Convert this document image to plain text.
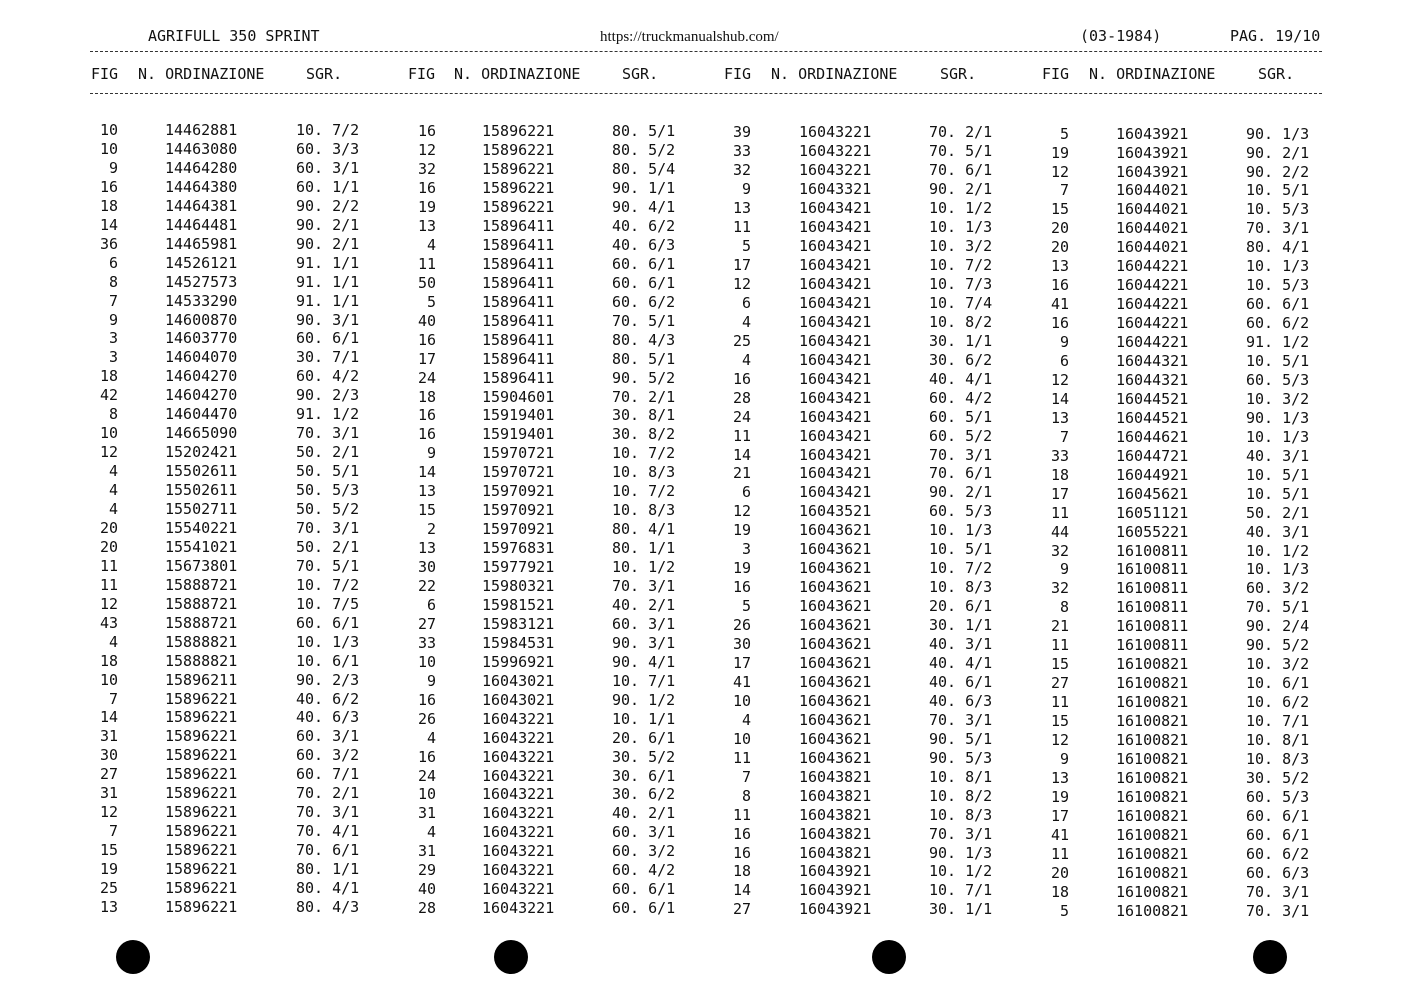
AGRIFULL 350 SPRINT	https://truckmanualshub.com/	(03-1984)	PAG. 19/10
FIG N. ORDINAZIONE	SGR.
10	14462881	10. 7/2
10	14463080	60. 3/3
9	14464280	60. 3/1
16	14464380	60. 1/1
18	14464381	90. 2/2
14	14464481	90. 2/1
36	14465981	90. 2/1
6	14526121	91. 1/1
8	14527573	91. 1/1
7	14533290	91. 1/1
9	14600870	90. 3/1
3	14603770	60. 6/1
3	14604070	30. 7/1
18	14604270	60. 4/2
42	14604270	90. 2/3
8	14604470	91. 1/2
10	14665090	70. 3/1
12	15202421	50. 2/1
4	15502611	50. 5/1
4	15502611	50. 5/3
4	15502711	50. 5/2
20	15540221	70. 3/1
20	15541021	50. 2/1
11	15673801	70. 5/1
11	15888721	10. 7/2
12	15888721	10. 7/5
43	15888721	60. 6/1
4	15888821	10. 1/3
18	15888821	10. 6/1
10	15896211	90. 2/3
7	15896221	40. 6/2
14	15896221	40. 6/3
31	15896221	60. 3/1
30	15896221	60. 3/2
27	15896221	60. 7/1
31	15896221	70. 2/1
12	15896221	70. 3/1
7	15896221	70. 4/1
15	15896221	70. 6/1
19	15896221	80. 1/1
25	15896221	80. 4/1
13	15896221	80. 4/3
FIG N. ORDINAZIONE	SGR.
16	15896221	80. 5/1
12	15896221	80. 5/2
32	15896221	80. 5/4
16	15896221	90. 1/1
19	15896221	90. 4/1
13	15896411	40. 6/2
4	15896411	40. 6/3
11	15896411	60. 6/1
50	15896411	60. 6/1
5	15896411	60. 6/2
40	15896411	70. 5/1
16	15896411	80. 4/3
17	15896411	80. 5/1
24	15896411	90. 5/2
18	15904601	70. 2/1
16	15919401	30. 8/1
16	15919401	30. 8/2
9	15970721	10. 7/2
14	15970721	10. 8/3
13	15970921	10. 7/2
15	15970921	10. 8/3
2	15970921	80. 4/1
13	15976831	80. 1/1
30	15977921	10. 1/2
22	15980321	70. 3/1
6	15981521	40. 2/1
27	15983121	60. 3/1
33	15984531	90. 3/1
10	15996921	90. 4/1
9	16043021	10. 7/1
16	16043021	90. 1/2
26	16043221	10. 1/1
4	16043221	20. 6/1
16	16043221	30. 5/2
24	16043221	30. 6/1
10	16043221	30. 6/2
31	16043221	40. 2/1
4	16043221	60. 3/1
31	16043221	60. 3/2
29	16043221	60. 4/2
40	16043221	60. 6/1
28	16043221	60. 6/1
FIG N. ORDINAZIONE	SGR.
39	16043221	70. 2/1
33	16043221	70. 5/1
32	16043221	70. 6/1
9	16043321	90. 2/1
13	16043421	10. 1/2
11	16043421	10. 1/3
5	16043421	10. 3/2
17	16043421	10. 7/2
12	16043421	10. 7/3
6	16043421	10. 7/4
4	16043421	10. 8/2
25	16043421	30. 1/1
4	16043421	30. 6/2
16	16043421	40. 4/1
28	16043421	60. 4/2
24	16043421	60. 5/1
11	16043421	60. 5/2
14	16043421	70. 3/1
21	16043421	70. 6/1
6	16043421	90. 2/1
12	16043521	60. 5/3
19	16043621	10. 1/3
3	16043621	10. 5/1
19	16043621	10. 7/2
16	16043621	10. 8/3
5	16043621	20. 6/1
26	16043621	30. 1/1
30	16043621	40. 3/1
17	16043621	40. 4/1
41	16043621	40. 6/1
10	16043621	40. 6/3
4	16043621	70. 3/1
10	16043621	90. 5/1
11	16043621	90. 5/3
7	16043821	10. 8/1
8	16043821	10. 8/2
11	16043821	10. 8/3
16	16043821	70. 3/1
16	16043821	90. 1/3
18	16043921	10. 1/2
14	16043921	10. 7/1
27	16043921	30. 1/1
FIG N. ORDINAZIONE	SGR.
5	16043921	90. 1/3
19	16043921	90. 2/1
12	16043921	90. 2/2
7	16044021	10. 5/1
15	16044021	10. 5/3
20	16044021	70. 3/1
20	16044021	80. 4/1
13	16044221	10. 1/3
16	16044221	10. 5/3
41	16044221	60. 6/1
16	16044221	60. 6/2
9	16044221	91. 1/2
6	16044321	10. 5/1
12	16044321	60. 5/3
14	16044521	10. 3/2
13	16044521	90. 1/3
7	16044621	10. 1/3
33	16044721	40. 3/1
18	16044921	10. 5/1
17	16045621	10. 5/1
11	16051121	50. 2/1
44	16055221	40. 3/1
32	16100811	10. 1/2
9	16100811	10. 1/3
32	16100811	60. 3/2
8	16100811	70. 5/1
21	16100811	90. 2/4
11	16100811	90. 5/2
15	16100821	10. 3/2
27	16100821	10. 6/1
11	16100821	10. 6/2
15	16100821	10. 7/1
12	16100821	10. 8/1
9	16100821	10. 8/3
13	16100821	30. 5/2
19	16100821	60. 5/3
17	16100821	60. 6/1
41	16100821	60. 6/1
11	16100821	60. 6/2
20	16100821	60. 6/3
18	16100821	70. 3/1
5	16100821	70. 3/1
